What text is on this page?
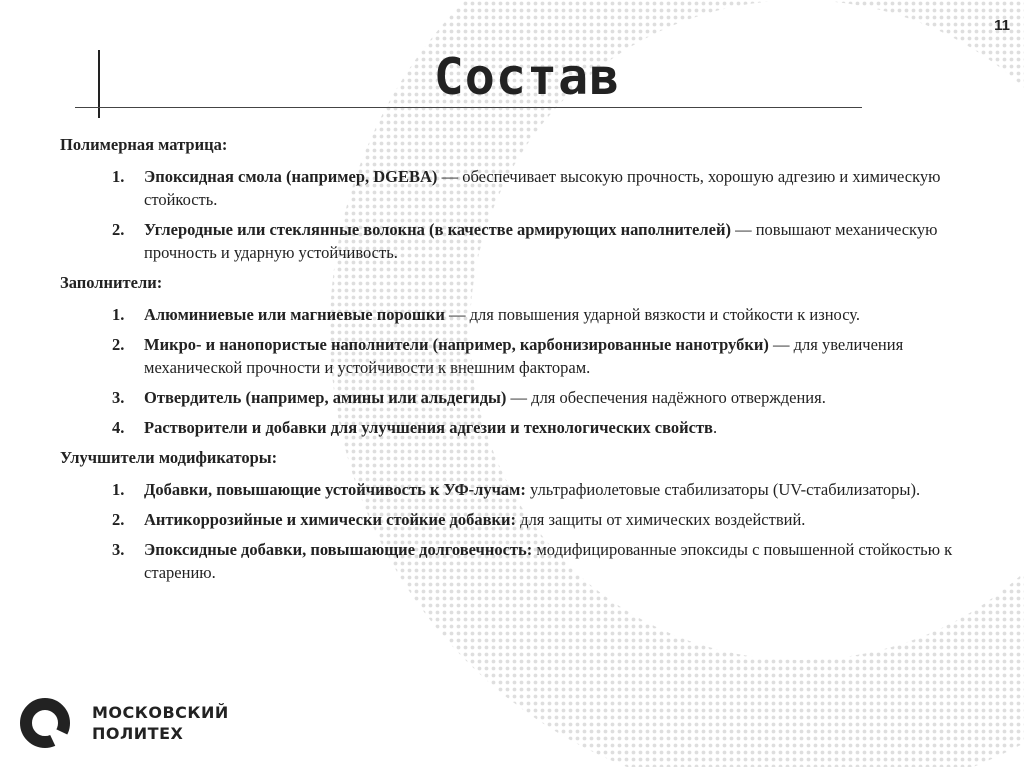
11
Состав
Полимерная матрица:
1. Эпоксидная смола (например, DGEBA) — обеспечивает высокую прочность, хорошую адгезию и химическую стойкость.
2. Углеродные или стеклянные волокна (в качестве армирующих наполнителей) — повышают механическую прочность и ударную устойчивость.
Заполнители:
1. Алюминиевые или магниевые порошки — для повышения ударной вязкости и стойкости к износу.
2. Микро- и нанопористые наполнители (например, карбонизированные нанотрубки) — для увеличения механической прочности и устойчивости к внешним факторам.
3. Отвердитель (например, амины или альдегиды) — для обеспечения надёжного отверждения.
4. Растворители и добавки для улучшения адгезии и технологических свойств.
Улучшители модификаторы:
1. Добавки, повышающие устойчивость к УФ-лучам: ультрафиолетовые стабилизаторы (UV-стабилизаторы).
2. Антикоррозийные и химически стойкие добавки: для защиты от химических воздействий.
3. Эпоксидные добавки, повышающие долговечность: модифицированные эпоксиды с повышенной стойкостью к старению.
МОСКОВСКИЙ
ПОЛИТЕХ
